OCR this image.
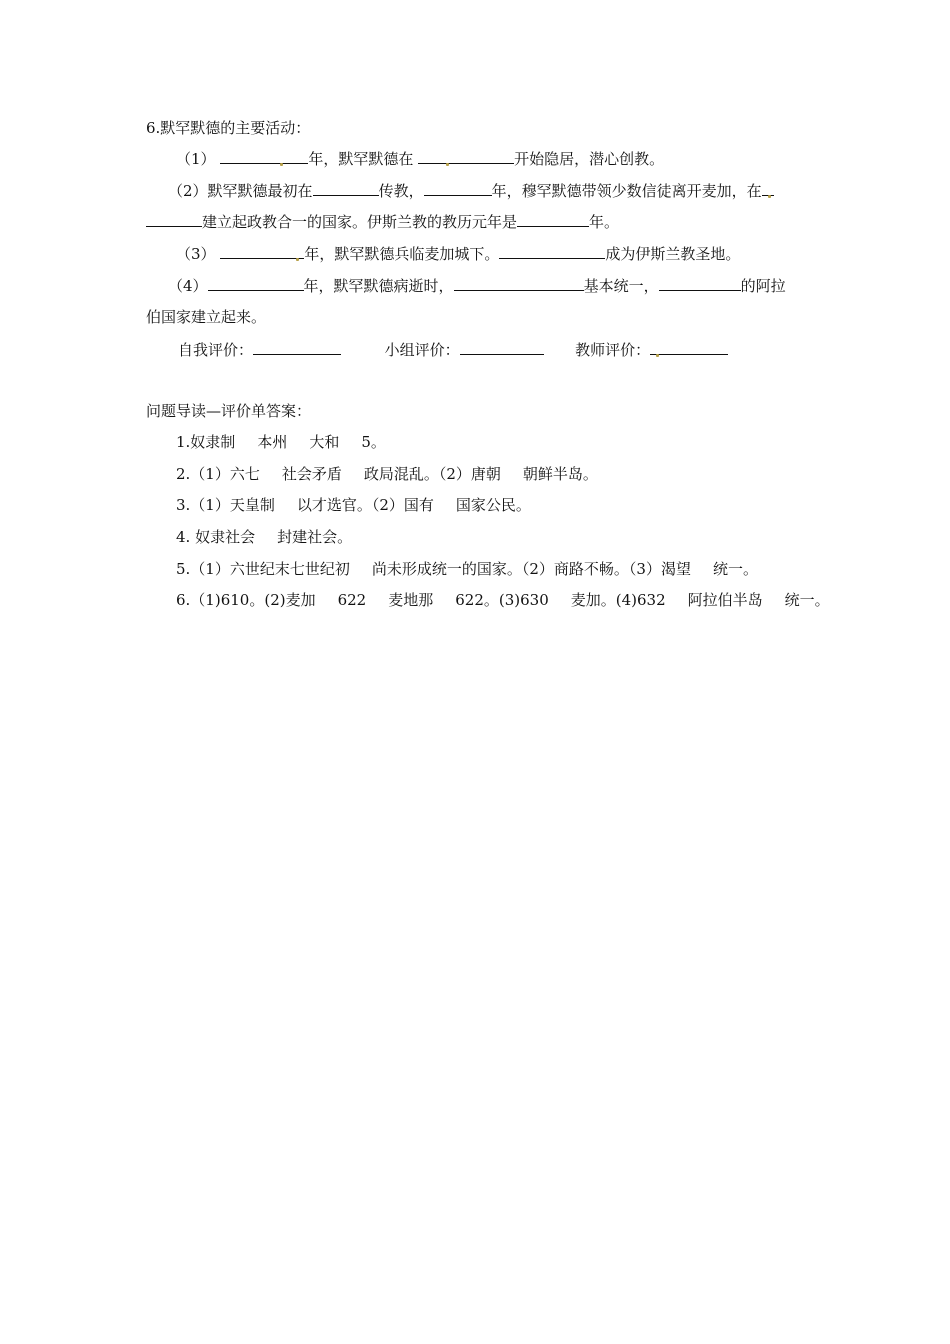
6.默罕默德的主要活动：
（1）	年，默罕默德在	开始隐居，潜心创教。
（2）默罕默德最初在	传教，	年，穆罕默德带领少数信徒离开麦加，在
建立起政教合一的国家。伊斯兰教的教历元年是	年。
（3）	年，默罕默德兵临麦加城下。	成为伊斯兰教圣地。
（4）	年，默罕默德病逝时，	基本统一，	的阿拉
伯国家建立起来。
自我评价：	小组评价：	教师评价：
问题导读—评价单答案：
1.奴隶制 本州 大和 5。
2.（1）六七 社会矛盾 政局混乱。（2）唐朝 朝鲜半岛。
3.（1）天皇制 以才选官。（2）国有 国家公民。
4. 奴隶社会 封建社会。
5.（1）六世纪末七世纪初 尚未形成统一的国家。（2）商路不畅。（3）渴望 统一。
6.（1)610。(2)麦加 622 麦地那 622。(3)630 麦加。(4)632 阿拉伯半岛 统一。
